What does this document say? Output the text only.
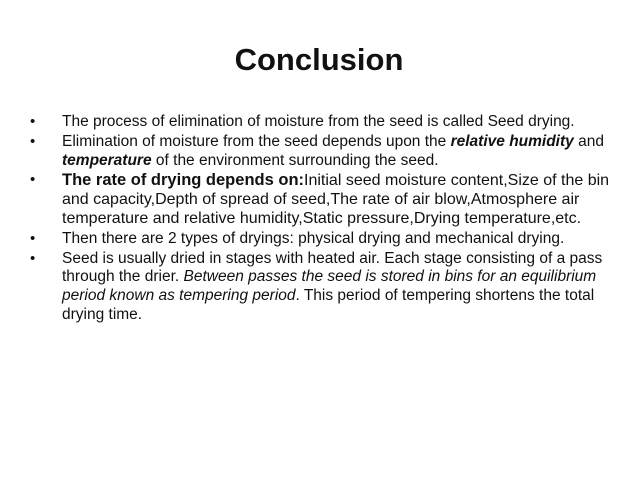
Conclusion
• The process of elimination of moisture from the seed is called Seed drying.
• Elimination of moisture from the seed depends upon the relative humidity and temperature of the environment surrounding the seed.
• The rate of drying depends on:Initial seed moisture content,Size of the bin and capacity,Depth of spread of seed,The rate of air blow,Atmosphere air temperature and relative humidity,Static pressure,Drying temperature,etc.
• Then there are 2 types of dryings: physical drying and mechanical drying.
• Seed is usually dried in stages with heated air. Each stage consisting of a pass through the drier. Between passes the seed is stored in bins for an equilibrium period known as tempering period. This period of tempering shortens the total drying time.
